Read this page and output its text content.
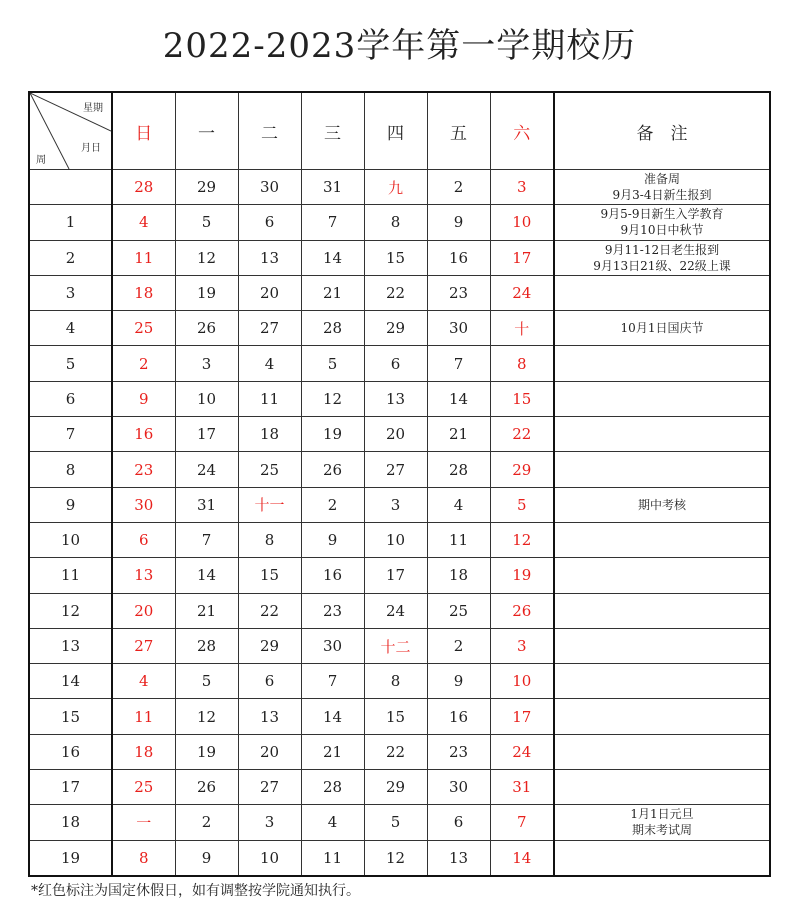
2022-2023学年第一学期校历
星期
月日
周	日	一	二	三	四	五	六	备　注
	28	29	30	31	九	2	3	准备周
9月3-4日新生报到

1	4	5	6	7	8	9	10	9月5-9日新生入学教育
9月10日中秋节

2	11	12	13	14	15	16	17	9月11-12日老生报到
9月13日21级、22级上课

3	18	19	20	21	22	23	24	
4	25	26	27	28	29	30	十	10月1日国庆节

5	2	3	4	5	6	7	8	
6	9	10	11	12	13	14	15	
7	16	17	18	19	20	21	22	
8	23	24	25	26	27	28	29	
9	30	31	十一	2	3	4	5	期中考核

10	6	7	8	9	10	11	12	
11	13	14	15	16	17	18	19	
12	20	21	22	23	24	25	26	
13	27	28	29	30	十二	2	3	
14	4	5	6	7	8	9	10	
15	11	12	13	14	15	16	17	
16	18	19	20	21	22	23	24	
17	25	26	27	28	29	30	31	
18	一	2	3	4	5	6	7	1月1日元旦
期末考试周

19	8	9	10	11	12	13	14	
*红色标注为国定休假日，如有调整按学院通知执行。
